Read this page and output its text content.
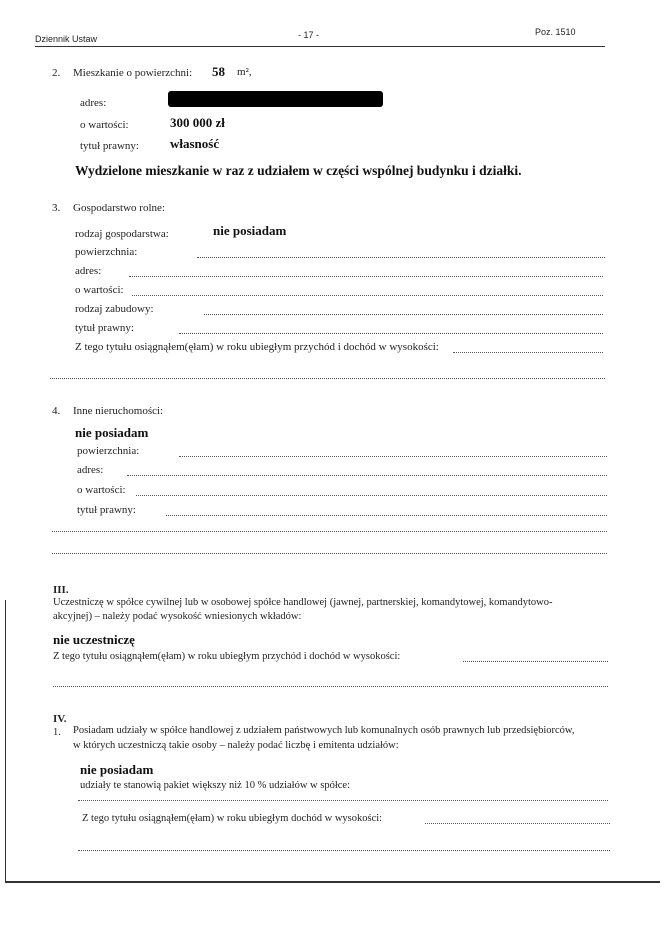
Dziennik Ustaw	- 17 -	Poz. 1510
2. Mieszkanie o powierzchni: 58 m²,
adres:
o wartości:	300 000 zł
tytuł prawny: własność
Wydzielone mieszkanie w raz z udziałem w części wspólnej budynku i działki.
3. Gospodarstwo rolne:
rodzaj gospodarstwa:	nie posiadam
powierzchnia:
adres:
o wartości:
rodzaj zabudowy:
tytuł prawny:
Z tego tytułu osiągnąłem(ęłam) w roku ubiegłym przychód i dochód w wysokości:
4. Inne nieruchomości:
nie posiadam
powierzchnia:
adres:
o wartości:
tytuł prawny:
III.
Uczestniczę w spółce cywilnej lub w osobowej spółce handlowej (jawnej, partnerskiej, komandytowej, komandytowo-
akcyjnej) – należy podać wysokość wniesionych wkładów:
nie uczestniczę
Z tego tytułu osiągnąłem(ęłam) w roku ubiegłym przychód i dochód w wysokości:
IV.
1. Posiadam udziały w spółce handlowej z udziałem państwowych lub komunalnych osób prawnych lub przedsiębiorców,
w których uczestniczą takie osoby – należy podać liczbę i emitenta udziałów:
nie posiadam
udziały te stanowią pakiet większy niż 10 % udziałów w spółce:
Z tego tytułu osiągnąłem(ęłam) w roku ubiegłym dochód w wysokości:
